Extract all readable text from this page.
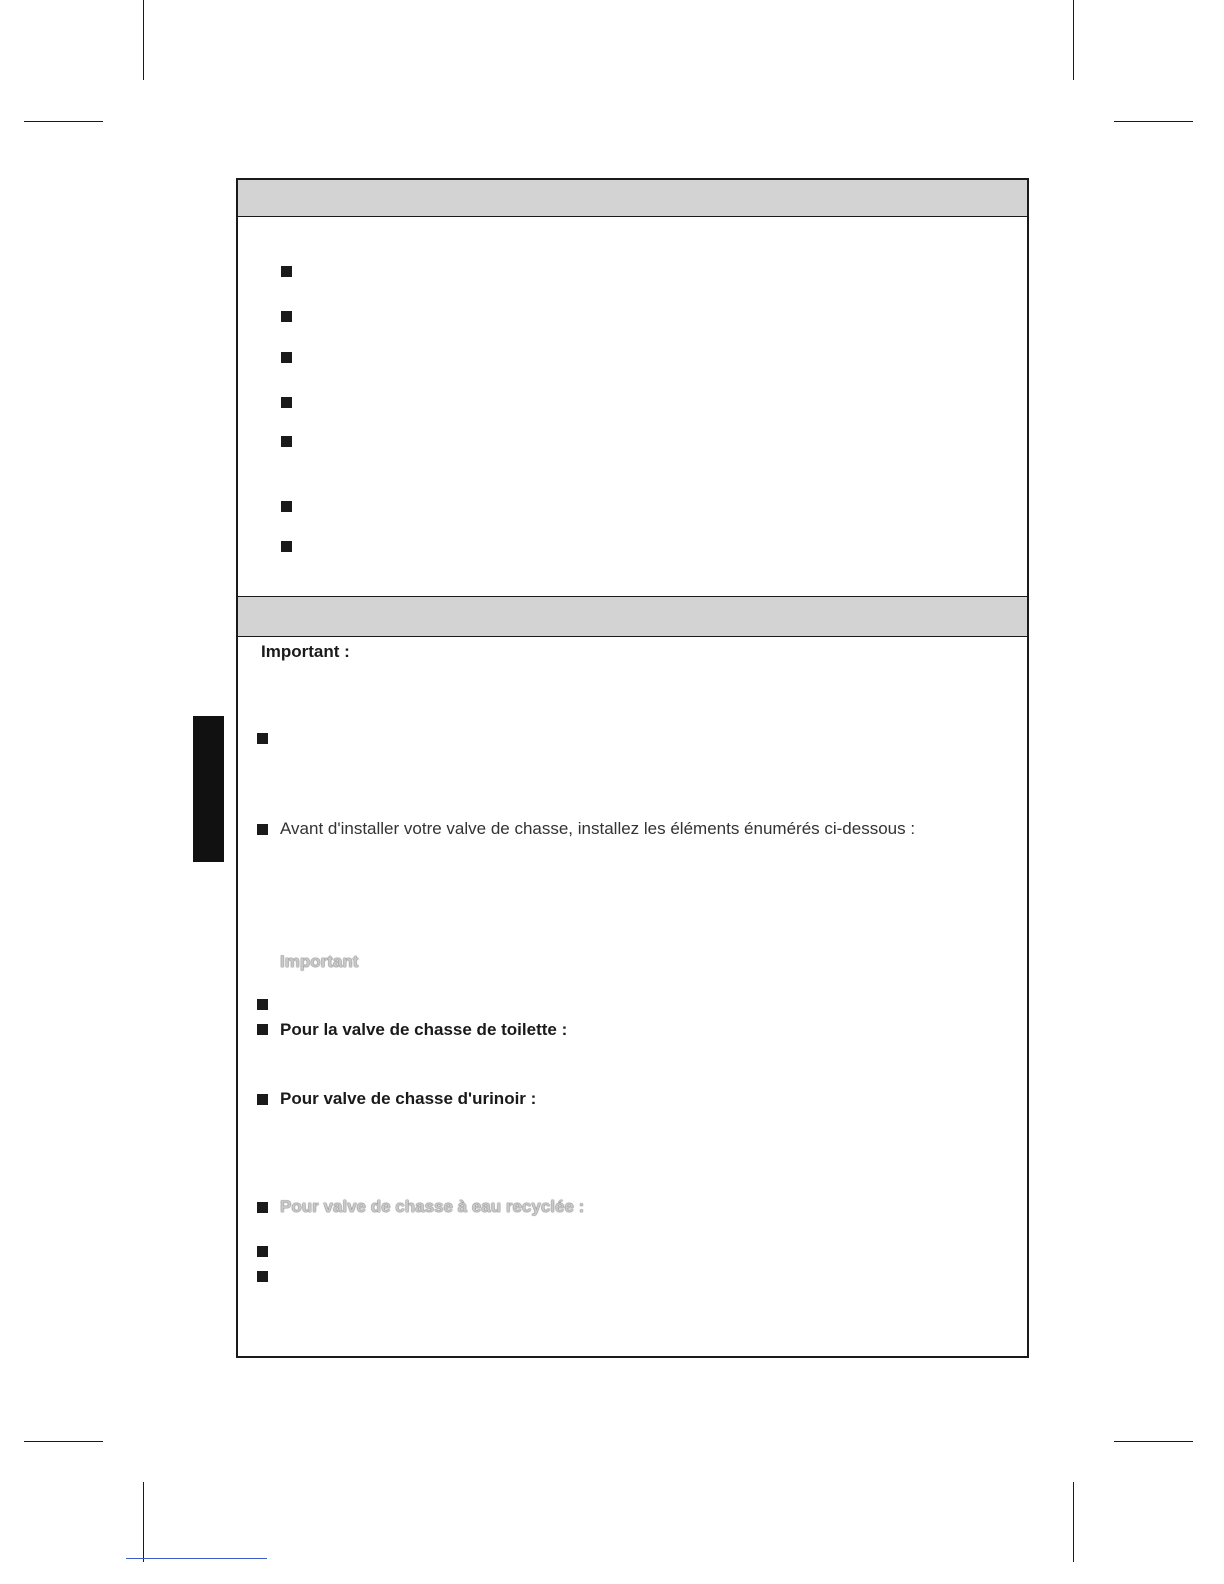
Important :
Avant d'installer votre valve de chasse, installez les éléments énumérés ci-dessous :
Important
Pour la valve de chasse de toilette :
Pour valve de chasse d'urinoir :
Pour valve de chasse à eau recyclée :
